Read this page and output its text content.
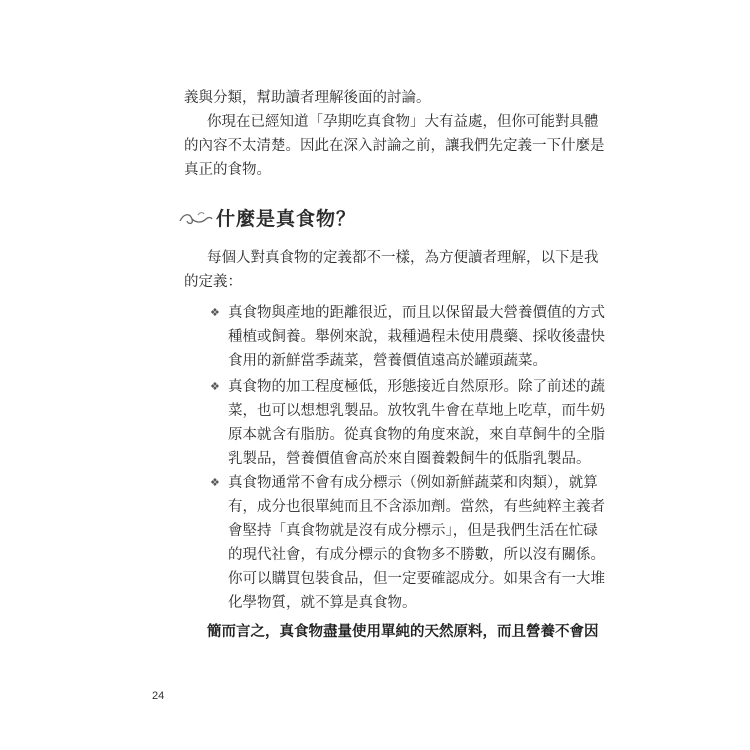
義與分類，幫助讀者理解後面的討論。
你現在已經知道「孕期吃真食物」大有益處，但你可能對具體
的內容不太清楚。因此在深入討論之前，讓我們先定義一下什麼是
真正的食物。
什麼是真食物？
每個人對真食物的定義都不一樣，為方便讀者理解，以下是我
的定義：
❖ 真食物與產地的距離很近，而且以保留最大營養價值的方式
種植或飼養。舉例來說，栽種過程未使用農藥、採收後盡快
食用的新鮮當季蔬菜，營養價值遠高於罐頭蔬菜。
❖ 真食物的加工程度極低，形態接近自然原形。除了前述的蔬
菜，也可以想想乳製品。放牧乳牛會在草地上吃草，而牛奶
原本就含有脂肪。從真食物的角度來說，來自草飼牛的全脂
乳製品，營養價值會高於來自圈養穀飼牛的低脂乳製品。
❖ 真食物通常不會有成分標示（例如新鮮蔬菜和肉類），就算
有，成分也很單純而且不含添加劑。當然，有些純粹主義者
會堅持「真食物就是沒有成分標示」，但是我們生活在忙碌
的現代社會，有成分標示的食物多不勝數，所以沒有關係。
你可以購買包裝食品，但一定要確認成分。如果含有一大堆
化學物質，就不算是真食物。
簡而言之，真食物盡量使用單純的天然原料，而且營養不會因
24
